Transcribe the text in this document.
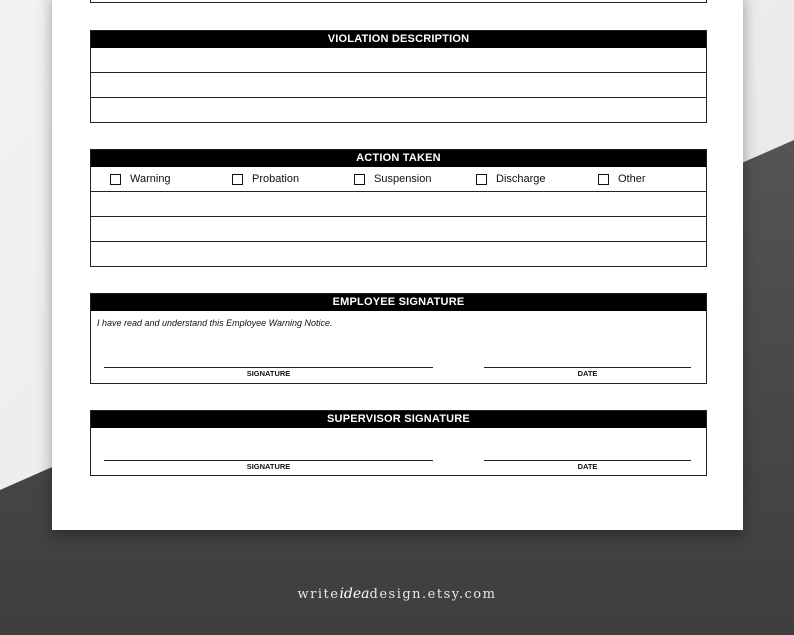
VIOLATION DESCRIPTION
ACTION TAKEN
Warning	Probation	Suspension	Discharge	Other
EMPLOYEE SIGNATURE
I have read and understand this Employee Warning Notice.
SIGNATURE	DATE
SUPERVISOR SIGNATURE
SIGNATURE	DATE
writeideadesign.etsy.com
